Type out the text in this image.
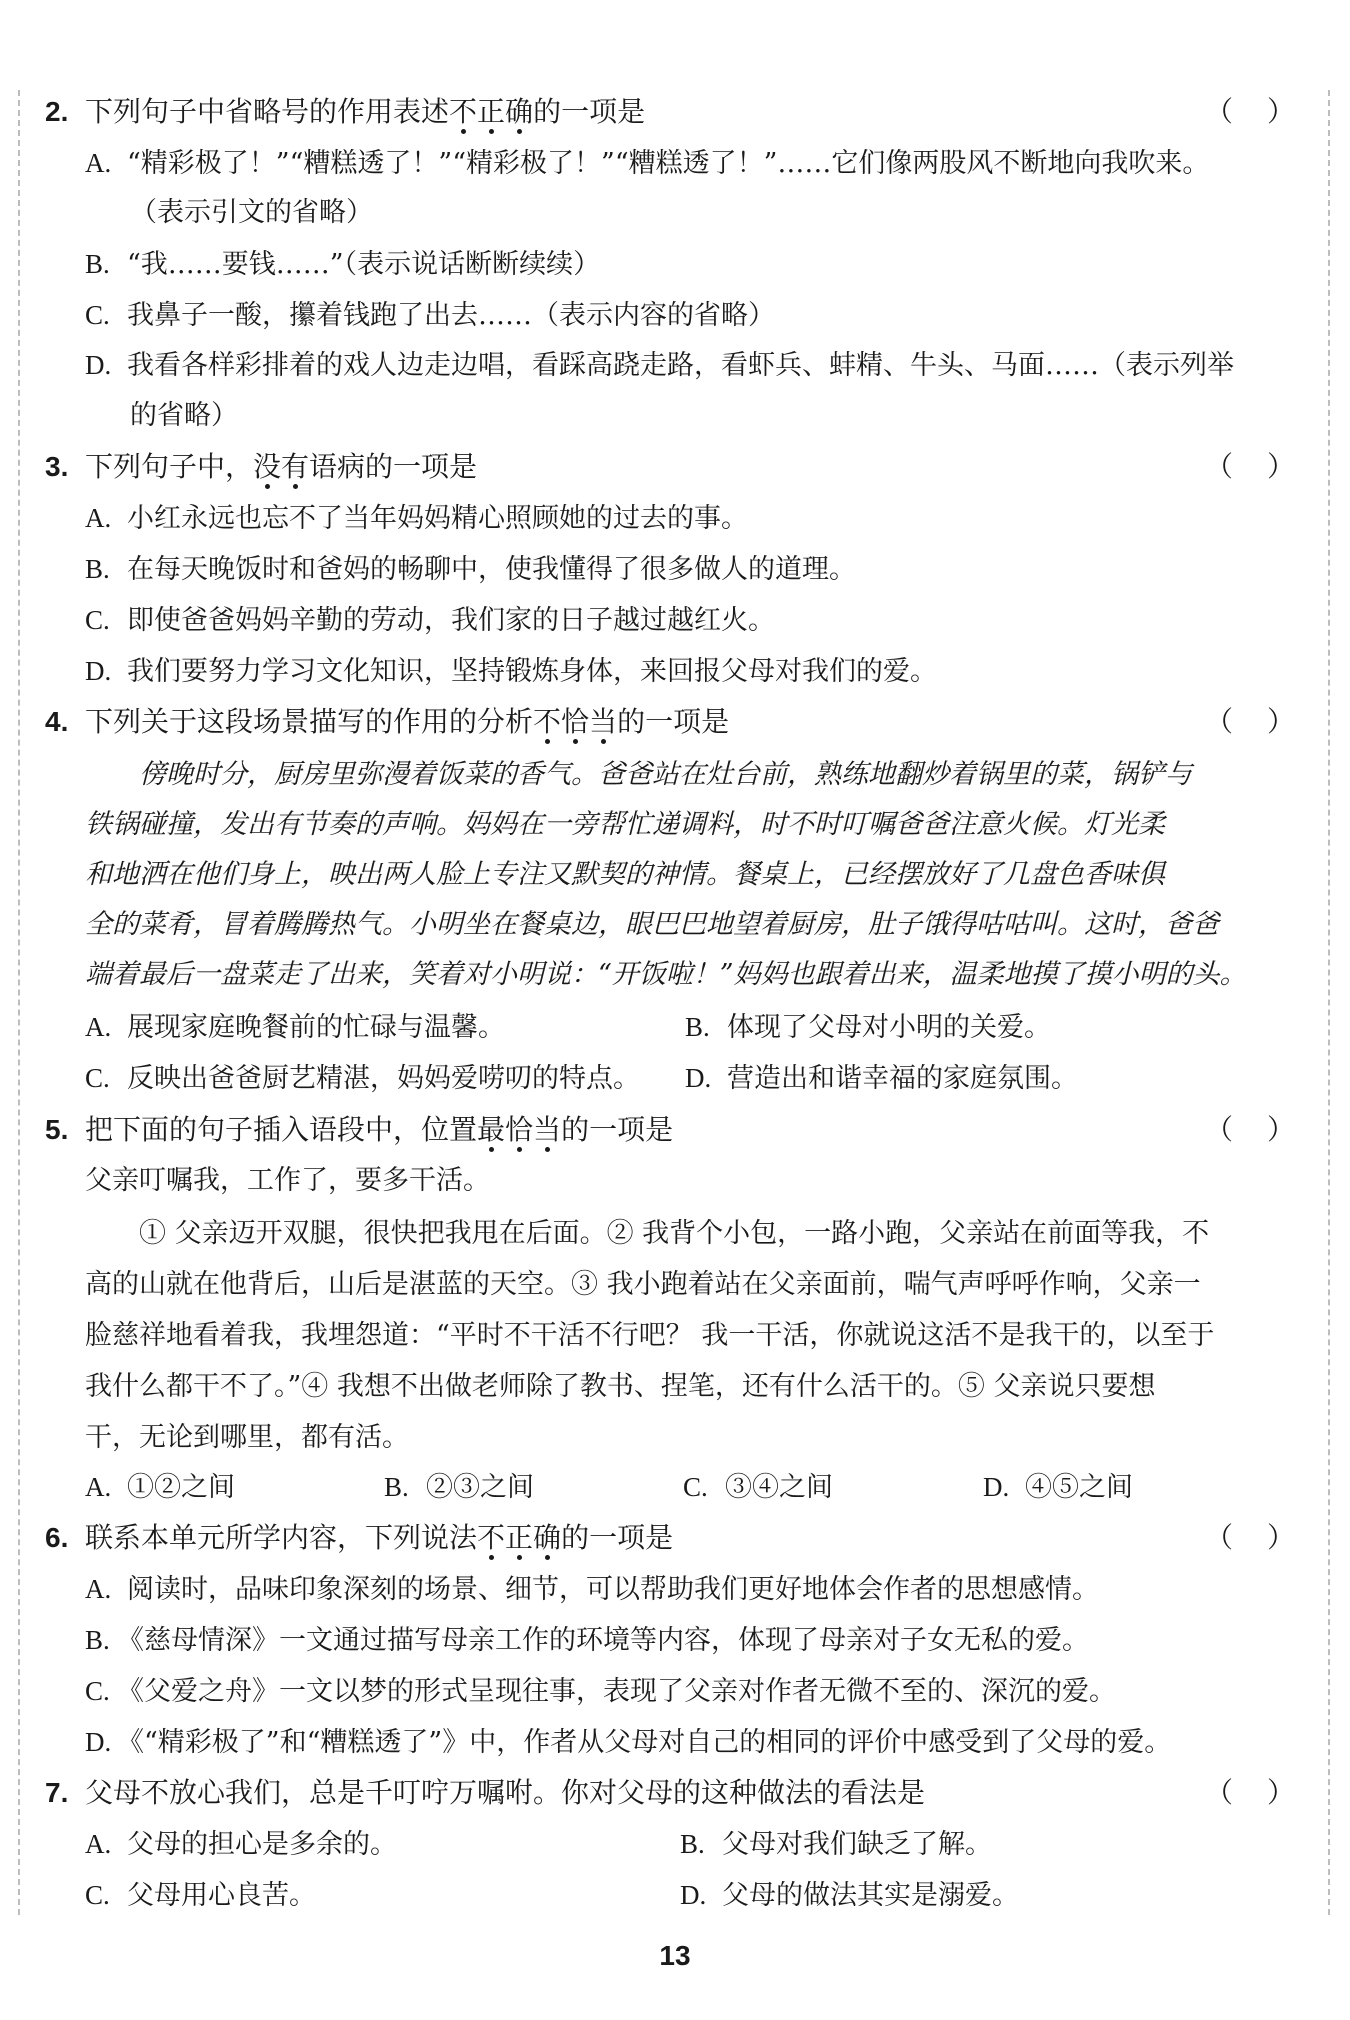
2. 下列句子中省略号的作用表述不正确的一项是	（ ）
A. “精彩极了！”“糟糕透了！”“精彩极了！”“糟糕透了！”……它们像两股风不断地向我吹来。
（表示引文的省略）
B. “我……要钱……”（表示说话断断续续）
C. 我鼻子一酸，攥着钱跑了出去……（表示内容的省略）
D. 我看各样彩排着的戏人边走边唱，看踩高跷走路，看虾兵、蚌精、牛头、马面……（表示列举
的省略）
3. 下列句子中，没有语病的一项是	（ ）
A. 小红永远也忘不了当年妈妈精心照顾她的过去的事。
B. 在每天晚饭时和爸妈的畅聊中，使我懂得了很多做人的道理。
C. 即使爸爸妈妈辛勤的劳动，我们家的日子越过越红火。
D. 我们要努力学习文化知识，坚持锻炼身体，来回报父母对我们的爱。
4. 下列关于这段场景描写的作用的分析不恰当的一项是	（ ）
傍晚时分，厨房里弥漫着饭菜的香气。爸爸站在灶台前，熟练地翻炒着锅里的菜，锅铲与
铁锅碰撞，发出有节奏的声响。妈妈在一旁帮忙递调料，时不时叮嘱爸爸注意火候。灯光柔
和地洒在他们身上，映出两人脸上专注又默契的神情。餐桌上，已经摆放好了几盘色香味俱
全的菜肴，冒着腾腾热气。小明坐在餐桌边，眼巴巴地望着厨房，肚子饿得咕咕叫。这时，爸爸
端着最后一盘菜走了出来，笑着对小明说：“开饭啦！”妈妈也跟着出来，温柔地摸了摸小明的头。
A. 展现家庭晚餐前的忙碌与温馨。	B. 体现了父母对小明的关爱。
C. 反映出爸爸厨艺精湛，妈妈爱唠叨的特点。 D. 营造出和谐幸福的家庭氛围。
5. 把下面的句子插入语段中，位置最恰当的一项是	（ ）
父亲叮嘱我，工作了，要多干活。
① 父亲迈开双腿，很快把我甩在后面。② 我背个小包，一路小跑，父亲站在前面等我，不
高的山就在他背后，山后是湛蓝的天空。③ 我小跑着站在父亲面前，喘气声呼呼作响，父亲一
脸慈祥地看着我，我埋怨道：“平时不干活不行吧？ 我一干活，你就说这活不是我干的，以至于
我什么都干不了。”④ 我想不出做老师除了教书、捏笔，还有什么活干的。⑤ 父亲说只要想
干，无论到哪里，都有活。
A. ①②之间	B. ②③之间	C. ③④之间	D. ④⑤之间
6. 联系本单元所学内容，下列说法不正确的一项是	（ ）
A. 阅读时，品味印象深刻的场景、细节，可以帮助我们更好地体会作者的思想感情。
B. 《慈母情深》一文通过描写母亲工作的环境等内容，体现了母亲对子女无私的爱。
C. 《父爱之舟》一文以梦的形式呈现往事，表现了父亲对作者无微不至的、深沉的爱。
D. 《“精彩极了”和“糟糕透了”》中，作者从父母对自己的相同的评价中感受到了父母的爱。
7. 父母不放心我们，总是千叮咛万嘱咐。你对父母的这种做法的看法是	（ ）
A. 父母的担心是多余的。	B. 父母对我们缺乏了解。
C. 父母用心良苦。	D. 父母的做法其实是溺爱。
13
